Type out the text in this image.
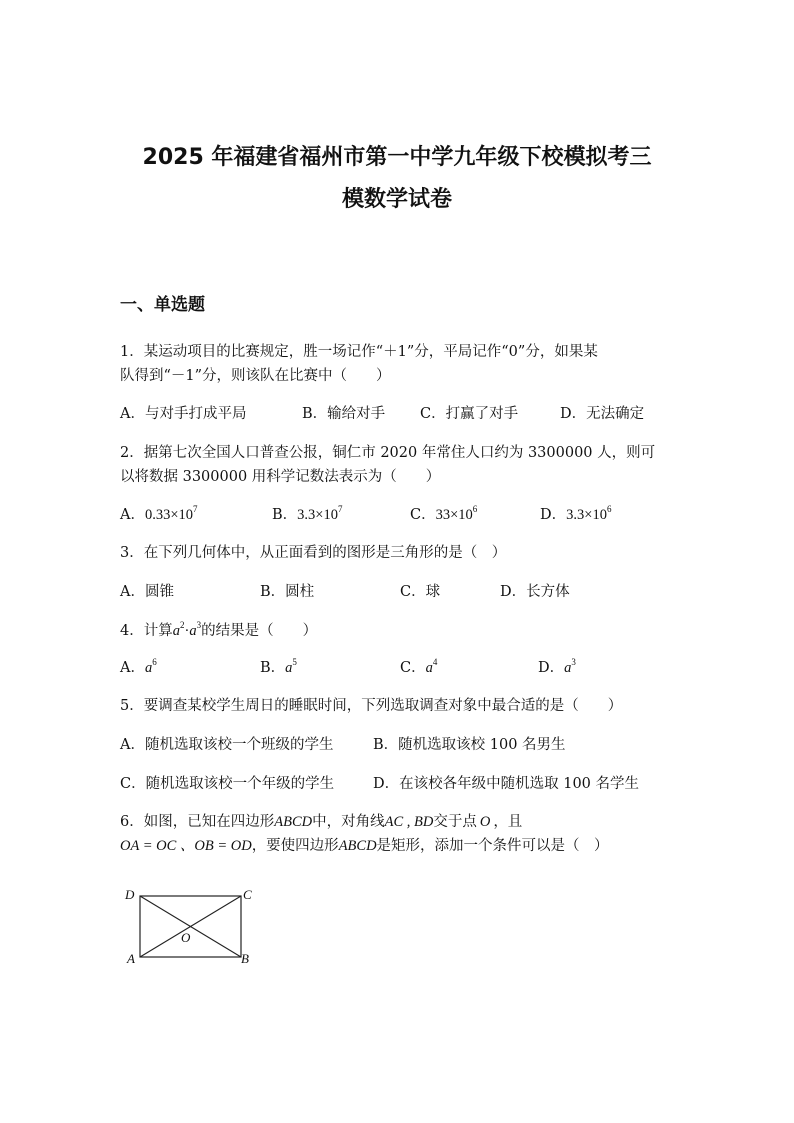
2025 年福建省福州市第一中学九年级下校模拟考三
模数学试卷
一、单选题
1．某运动项目的比赛规定，胜一场记作“＋1”分，平局记作“0”分，如果某
队得到“－1”分，则该队在比赛中（　　）
A．与对手打成平局	B．输给对手 C．打赢了对手	D．无法确定
2．据第七次全国人口普查公报，铜仁市 2020 年常住人口约为 3300000 人，则可
以将数据 3300000 用科学记数法表示为（　　）
A．$0.33\times 10^7$	B．$3.3\times 10^7$	C．$33\times 10^6$	D．$3.3\times 10^6$
3．在下列几何体中，从正面看到的图形是三角形的是（　）
A．圆锥	B．圆柱	C．球	D．长方体
4．计算$a^2\cdot a^3$的结果是（　　）
A．$a^6$	B．$a^5$	C．$a^4$	D．$a^3$
5．要调查某校学生周日的睡眠时间，下列选取调查对象中最合适的是（　　）
A．随机选取该校一个班级的学生	B．随机选取该校 100 名男生
C．随机选取该校一个年级的学生	D．在该校各年级中随机选取 100 名学生
6．如图，已知在四边形ABCD中，对角线AC , BD交于点 O ，且
OA = OC 、OB = OD，要使四边形ABCD是矩形，添加一个条件可以是（　）
D	C
A	B
O
